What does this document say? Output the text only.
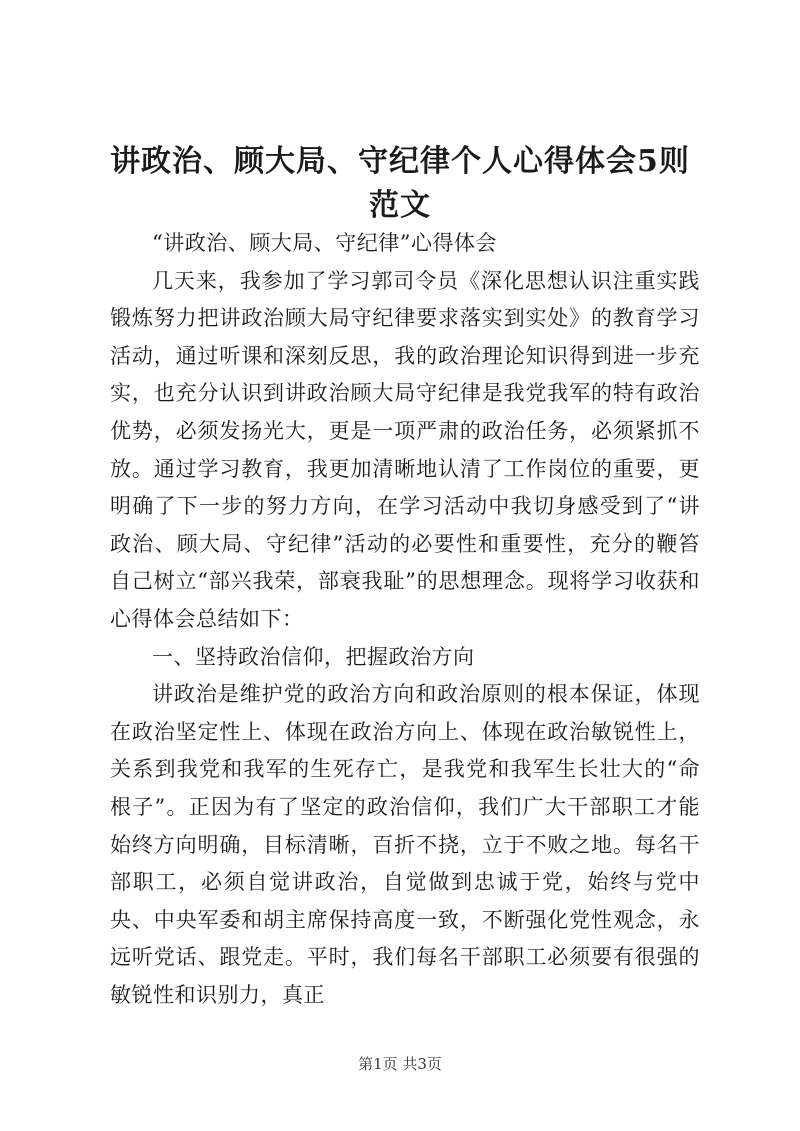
讲政治、顾大局、守纪律个人心得体会5则范文

“讲政治、顾大局、守纪律”心得体会

几天来，我参加了学习郭司令员《深化思想认识注重实践锻炼努力把讲政治顾大局守纪律要求落实到实处》的教育学习活动，通过听课和深刻反思，我的政治理论知识得到进一步充实，也充分认识到讲政治顾大局守纪律是我党我军的特有政治优势，必须发扬光大，更是一项严肃的政治任务，必须紧抓不放。通过学习教育，我更加清晰地认清了工作岗位的重要，更明确了下一步的努力方向，在学习活动中我切身感受到了“讲政治、顾大局、守纪律”活动的必要性和重要性，充分的鞭笞自己树立“部兴我荣，部衰我耻”的思想理念。现将学习收获和心得体会总结如下：

一、坚持政治信仰，把握政治方向

讲政治是维护党的政治方向和政治原则的根本保证，体现在政治坚定性上、体现在政治方向上、体现在政治敏锐性上，关系到我党和我军的生死存亡，是我党和我军生长壮大的“命根子”。正因为有了坚定的政治信仰，我们广大干部职工才能始终方向明确，目标清晰，百折不挠，立于不败之地。每名干部职工，必须自觉讲政治，自觉做到忠诚于党，始终与党中央、中央军委和胡主席保持高度一致，不断强化党性观念，永远听党话、跟党走。平时，我们每名干部职工必须要有很强的敏锐性和识别力，真正

第1页 共3页
